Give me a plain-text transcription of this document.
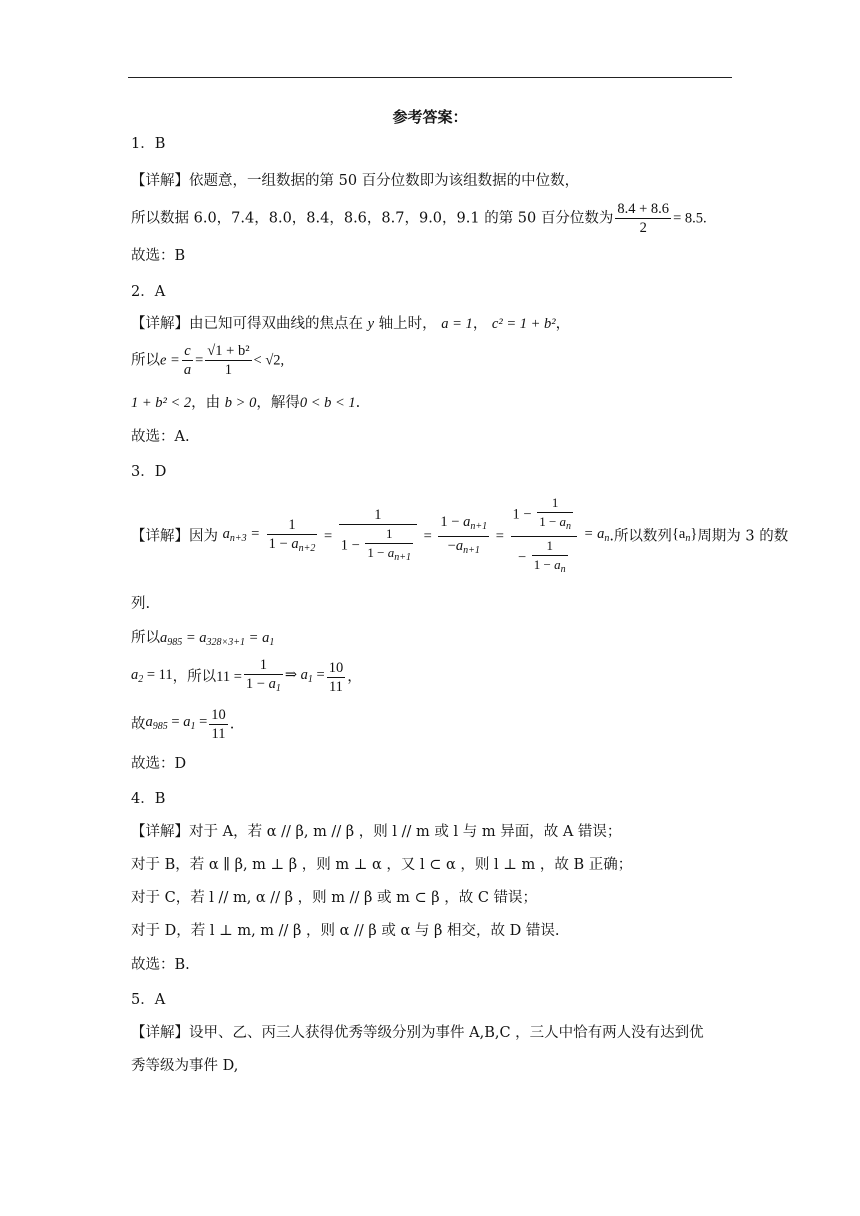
参考答案：
1．B
【详解】依题意，一组数据的第 50 百分位数即为该组数据的中位数，
所以数据 6.0，7.4，8.0，8.4，8.6，8.7，9.0，9.1 的第 50 百分位数为 $\frac{8.4 + 8.6}{2} = 8.5$.
故选：B
2．A
【详解】由已知可得双曲线的焦点在 y 轴上时， a = 1， c² = 1 + b²，
所以$e = \frac{c}{a} = \frac{\text{√1 + b²}}{1} < √2$,
1 + b² < 2，由 b > 0，解得0 < b < 1.
故选：A.
3．D
【详解】因为 $a_{n+3} = \frac{1}{1 - a_{n+2}} = \frac{1}{1 - \frac{1}{1 - a_{n+1}}} = \frac{1 - a_{n+1}}{-a_{n+1}} = \frac{1 - \frac{1}{1 - a_n}}{- \frac{1}{1 - a_n}} = a_n$.所以数列$\{a_n\}$周期为 3 的数
列.
所以$a_{985} = a_{328\times 3+1} = a_1$
$a_2 = 11$，所以$11 = \frac{1}{1 - a_1}$ ⇒ $a_1 = \frac{10}{11}$ ，
故$a_{985} = a_1 = \frac{10}{11}$ .
故选：D
4．B
【详解】对于 A，若 α // β, m // β ，则 l // m 或 l 与 m 异面，故 A 错误；
对于 B，若 α ∥ β, m ⊥ β ，则 m ⊥ α ，又 l ⊂ α ，则 l ⊥ m ，故 B 正确；
对于 C，若 l // m, α // β ，则 m // β 或 m ⊂ β ，故 C 错误；
对于 D，若 l ⊥ m, m // β ，则 α // β 或 α 与 β 相交，故 D 错误.
故选：B.
5．A
【详解】设甲、乙、丙三人获得优秀等级分别为事件 A,B,C ，三人中恰有两人没有达到优
秀等级为事件 D,
